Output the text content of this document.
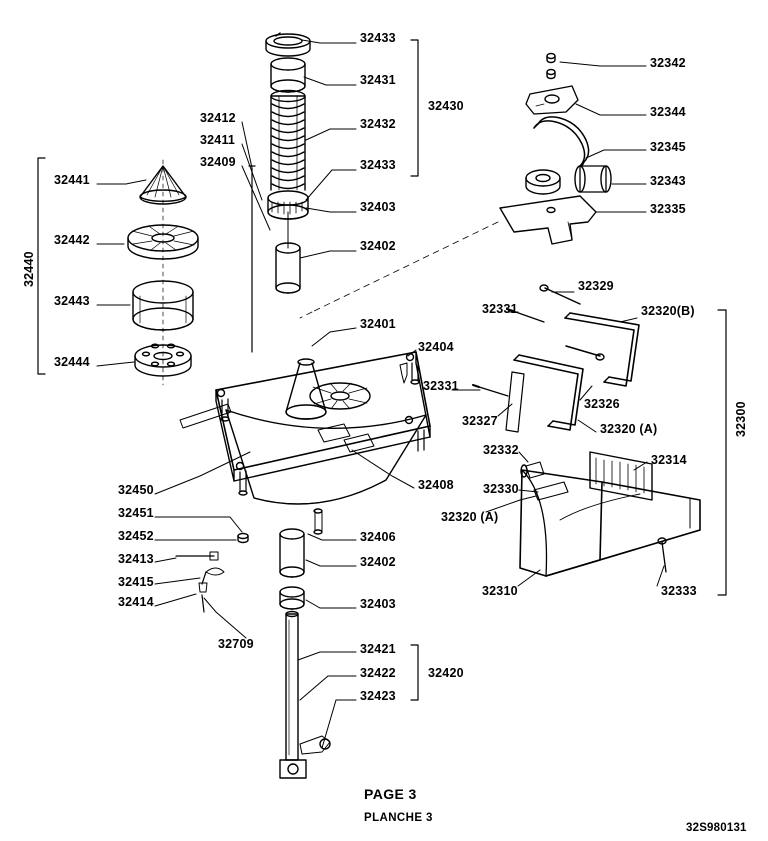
32433
32431
32430
32432
32412
32411
32409	32433
32403
32402
32441
32442
32443
32444
32440
32342
32344
32345
32343
32335
32401
32404
32331
32329
32331	32320(B)
32326
32327
32320 (A)	32300
32332
32314
32330
32320 (A)
32450
32451
32452
32413
32415
32414
32408
32406
32402
32403
32709	32421
32422	32420
32423
32310	32333
PAGE 3
PLANCHE 3
32S980131
